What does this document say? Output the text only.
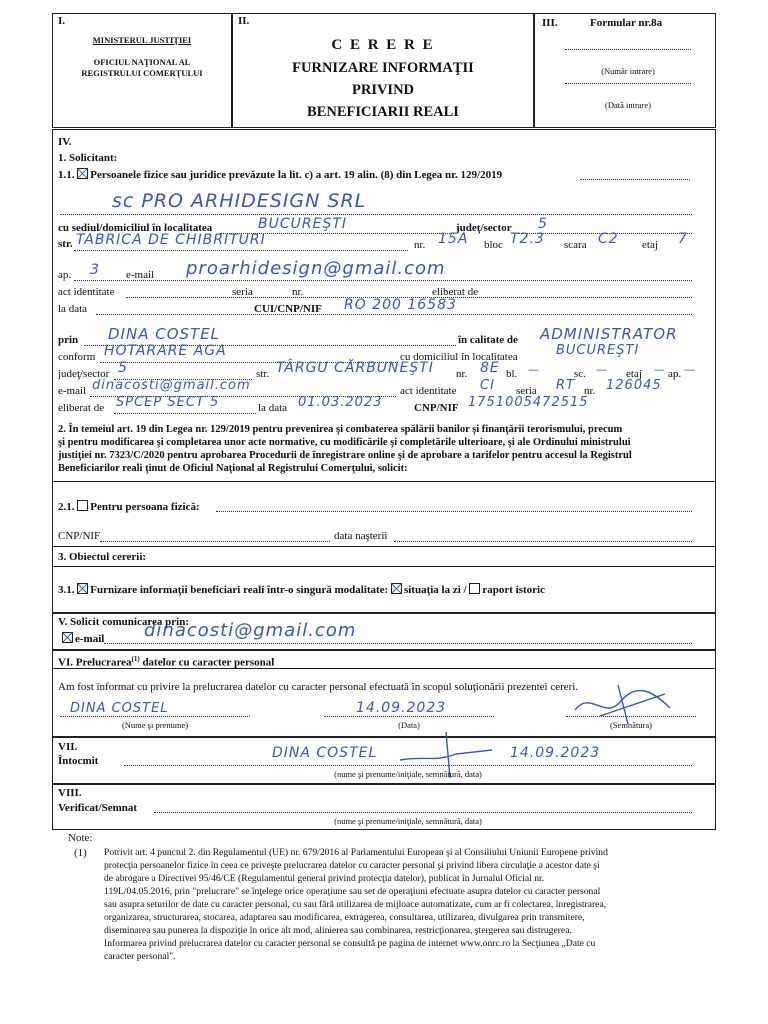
I.
MINISTERUL JUSTIŢIEI
OFICIUL NAŢIONAL AL
REGISTRULUI COMERŢULUI
II.
C E R E R E
FURNIZARE INFORMAŢII
PRIVIND
BENEFICIARII REALI
III.	Formular nr.8a
(Număr intrare)
(Dată intrare)
IV.
1. Solicitant:
1.1. Persoanele fizice sau juridice prevăzute la lit. c) a art. 19 alin. (8) din Legea nr. 129/2019
sc PRO ARHIDESIGN SRL
cu sediul/domiciliul în localitatea	BUCUREŞTI	judeţ/sector 5
str. TABRICA DE CHIBRITURI	nr. 15A bloc T2.3 scara C2 etaj 7
ap. 3 e-mail proarhidesign@gmail.com
act identitate	seria	nr.	eliberat de
la data	CUI/CNP/NIF RO 200 16583
prin DINA COSTEL	în calitate de ADMINISTRATOR
conform HOTARARE AGA	cu domiciliul în localitatea	BUCUREŞTI
judeţ/sector 5	str. TÂRGU CĂRBUNEŞTI nr. 8E bl. —	sc. — etaj — ap. —
e-mail dinacosti@gmail.com	act identitate CI seria RT nr. 126045
eliberat de SPCEP SECT 5	la data 01.03.2023	CNP/NIF 1751005472515
2. În temeiul art. 19 din Legea nr. 129/2019 pentru prevenirea şi combaterea spălării banilor şi finanţării terorismului, precum
şi pentru modificarea şi completarea unor acte normative, cu modificările şi completările ulterioare, şi ale Ordinului ministrului
justiţiei nr. 7323/C/2020 pentru aprobarea Procedurii de înregistrare online şi de aprobare a tarifelor pentru accesul la Registrul
Beneficiarilor reali ţinut de Oficiul Naţional al Registrului Comerţului, solicit:
2.1. Pentru persoana fizică:
CNP/NIF	data naşterii
3. Obiectul cererii:
3.1. Furnizare informaţii beneficiari reali într-o singură modalitate: situaţia la zi / raport istoric
V. Solicit comunicarea prin:
e-mail dinacosti@gmail.com
VI. Prelucrarea$^{(1)}$ datelor cu caracter personal
Am fost informat cu privire la prelucrarea datelor cu caracter personal efectuată în scopul soluţionării prezentei cereri.
DINA COSTEL
(Nume şi prenume)
14.09.2023
(Data)	(Semnătura)
VII.
Întocmit	DINA COSTEL	14.09.2023
(nume şi prenume/iniţiale, semnătură, data)
VIII.
Verificat/Semnat
(nume şi prenume/iniţiale, semnătură, data)
Note:
(1) Potrivit art. 4 punctul 2. din Regulamentul (UE) nr. 679/2016 al Parlamentului European şi al Consiliului Uniunii Europene privind
protecţia persoanelor fizice în ceea ce priveşte prelucrarea datelor cu caracter personal şi privind libera circulaţie a acestor date şi
de abrogare a Directivei 95/46/CE (Regulamentul general privind protecţia datelor), publicat în Jurnalul Oficial nr.
119L/04.05.2016, prin "prelucrare" se înţelege orice operaţiune sau set de operaţiuni efectuate asupra datelor cu caracter personal
sau asupra seturilor de date cu caracter personal, cu sau fără utilizarea de mijloace automatizate, cum ar fi colectarea, înregistrarea,
organizarea, structurarea, stocarea, adaptarea sau modificarea, extragerea, consultarea, utilizarea, divulgarea prin transmitere,
diseminarea sau punerea la dispoziţie în orice alt mod, alinierea sau combinarea, restricţionarea, ştergerea sau distrugerea.
Informarea privind prelucrarea datelor cu caracter personal se consultă pe pagina de internet www.onrc.ro la Secţiunea „Date cu
caracter personal".
